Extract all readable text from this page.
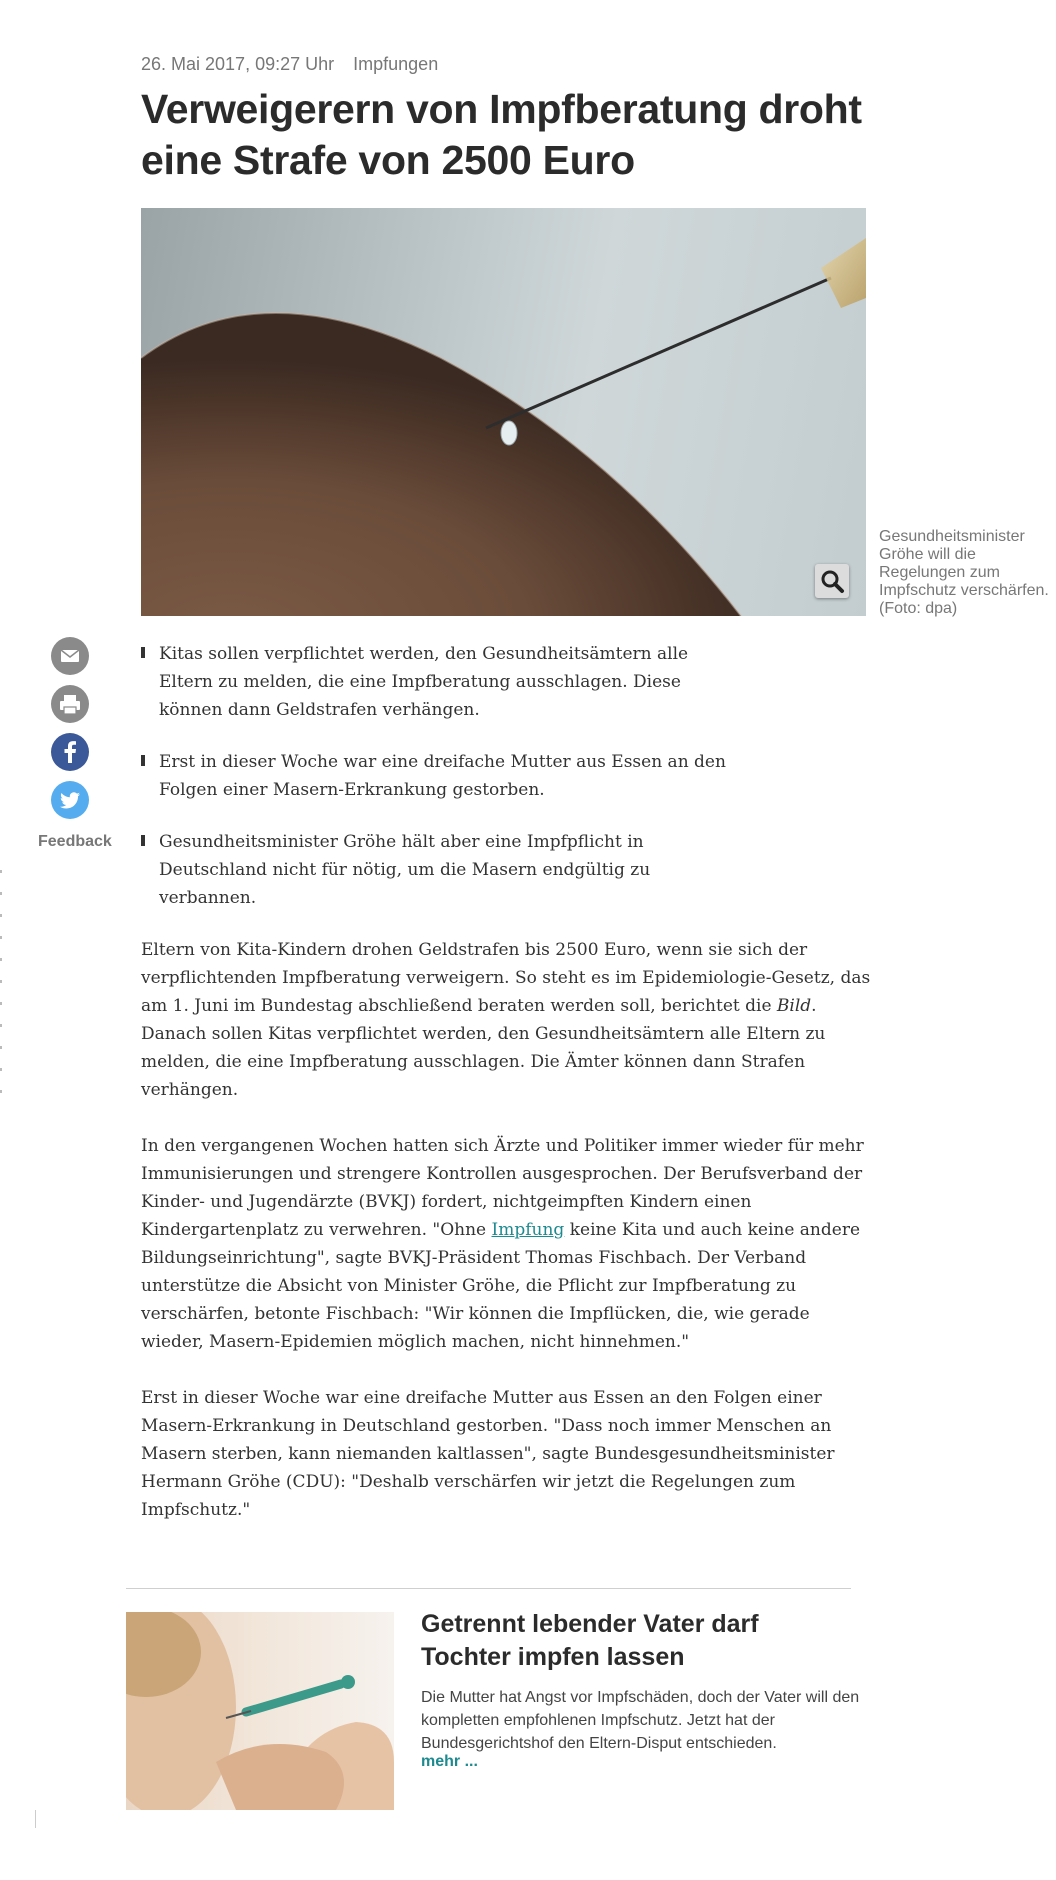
26. Mai 2017, 09:27 Uhr Impfungen
Verweigerern von Impfberatung droht eine Strafe von 2500 Euro
Gesundheitsminister Gröhe will die Regelungen zum Impfschutz verschärfen. (Foto: dpa)
Feedback
Kitas sollen verpflichtet werden, den Gesundheitsämtern alle Eltern zu melden, die eine Impfberatung ausschlagen. Diese können dann Geldstrafen verhängen.
Erst in dieser Woche war eine dreifache Mutter aus Essen an den Folgen einer Masern-Erkrankung gestorben.
Gesundheitsminister Gröhe hält aber eine Impfpflicht in Deutschland nicht für nötig, um die Masern endgültig zu verbannen.

Eltern von Kita-Kindern drohen Geldstrafen bis 2500 Euro, wenn sie sich der verpflichtenden Impfberatung verweigern. So steht es im Epidemiologie-Gesetz, das am 1. Juni im Bundestag abschließend beraten werden soll, berichtet die Bild. Danach sollen Kitas verpflichtet werden, den Gesundheitsämtern alle Eltern zu melden, die eine Impfberatung ausschlagen. Die Ämter können dann Strafen verhängen.

In den vergangenen Wochen hatten sich Ärzte und Politiker immer wieder für mehr Immunisierungen und strengere Kontrollen ausgesprochen. Der Berufsverband der Kinder- und Jugendärzte (BVKJ) fordert, nichtgeimpften Kindern einen Kindergartenplatz zu verwehren. "Ohne Impfung keine Kita und auch keine andere Bildungseinrichtung", sagte BVKJ-Präsident Thomas Fischbach. Der Verband unterstütze die Absicht von Minister Gröhe, die Pflicht zur Impfberatung zu verschärfen, betonte Fischbach: "Wir können die Impflücken, die, wie gerade wieder, Masern-Epidemien möglich machen, nicht hinnehmen."

Erst in dieser Woche war eine dreifache Mutter aus Essen an den Folgen einer Masern-Erkrankung in Deutschland gestorben. "Dass noch immer Menschen an Masern sterben, kann niemanden kaltlassen", sagte Bundesgesundheitsminister Hermann Gröhe (CDU): "Deshalb verschärfen wir jetzt die Regelungen zum Impfschutz."

Getrennt lebender Vater darf Tochter impfen lassen

Die Mutter hat Angst vor Impfschäden, doch der Vater will den kompletten empfohlenen Impfschutz. Jetzt hat der Bundesgerichtshof den Eltern-Disput entschieden.

mehr ...
